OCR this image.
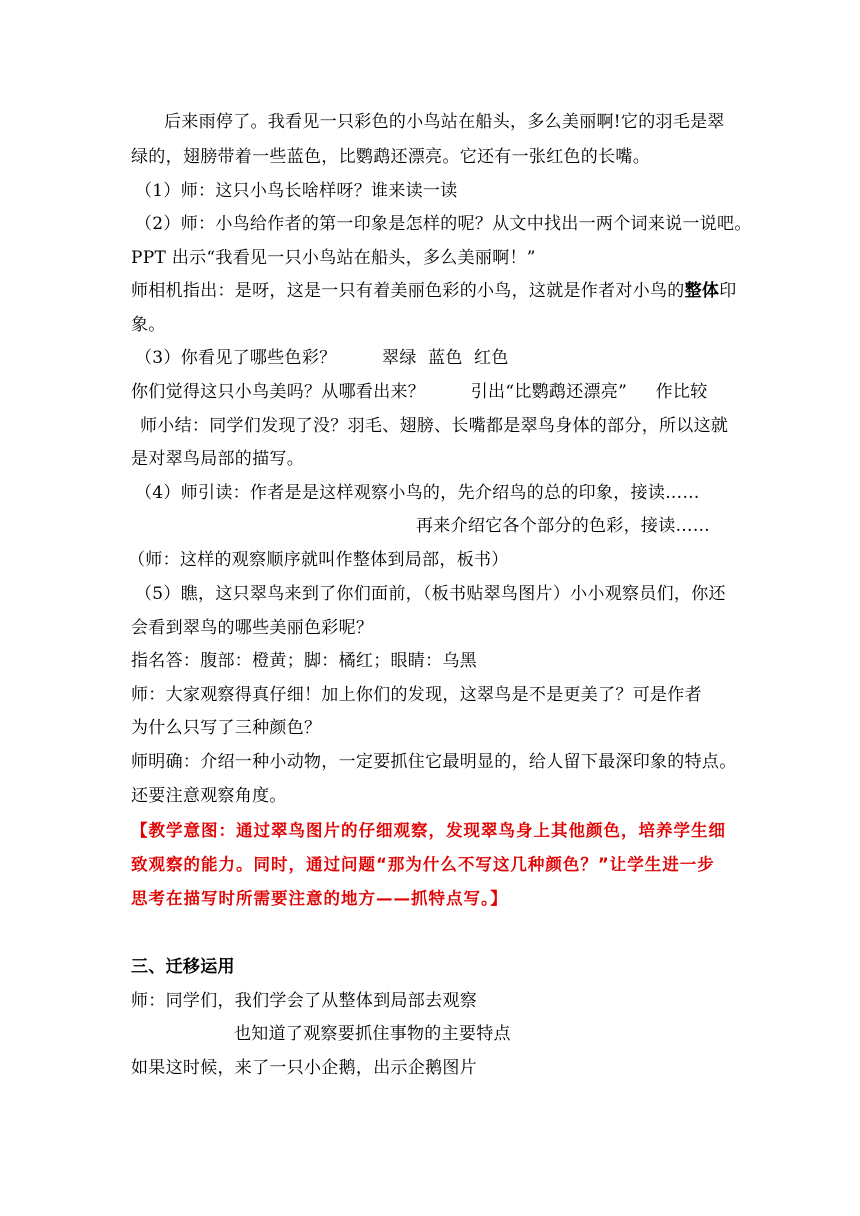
后来雨停了。我看见一只彩色的小鸟站在船头，多么美丽啊!它的羽毛是翠
绿的，翅膀带着一些蓝色，比鹦鹉还漂亮。它还有一张红色的长嘴。
（1）师：这只小鸟长啥样呀？谁来读一读
（2）师：小鸟给作者的第一印象是怎样的呢？从文中找出一两个词来说一说吧。
PPT 出示“我看见一只小鸟站在船头，多么美丽啊！”
师相机指出：是呀，这是一只有着美丽色彩的小鸟，这就是作者对小鸟的整体印
象。
（3）你看见了哪些色彩？        翠绿  蓝色  红色
你们觉得这只小鸟美吗？从哪看出来？        引出“比鹦鹉还漂亮”     作比较
师小结：同学们发现了没？羽毛、翅膀、长嘴都是翠鸟身体的部分，所以这就
是对翠鸟局部的描写。
（4）师引读：作者是是这样观察小鸟的，先介绍鸟的总的印象，接读……
再来介绍它各个部分的色彩，接读……
（师：这样的观察顺序就叫作整体到局部，板书）
（5）瞧，这只翠鸟来到了你们面前，（板书贴翠鸟图片）小小观察员们，你还
会看到翠鸟的哪些美丽色彩呢？
指名答：腹部：橙黄；脚：橘红；眼睛：乌黑
师：大家观察得真仔细！加上你们的发现，这翠鸟是不是更美了？可是作者
为什么只写了三种颜色？
师明确：介绍一种小动物，一定要抓住它最明显的，给人留下最深印象的特点。
还要注意观察角度。
【教学意图：通过翠鸟图片的仔细观察，发现翠鸟身上其他颜色，培养学生细
致观察的能力。同时，通过问题“那为什么不写这几种颜色？”让学生进一步
思考在描写时所需要注意的地方——抓特点写。】
三、迁移运用
师：同学们，我们学会了从整体到局部去观察
也知道了观察要抓住事物的主要特点
如果这时候，来了一只小企鹅，出示企鹅图片
